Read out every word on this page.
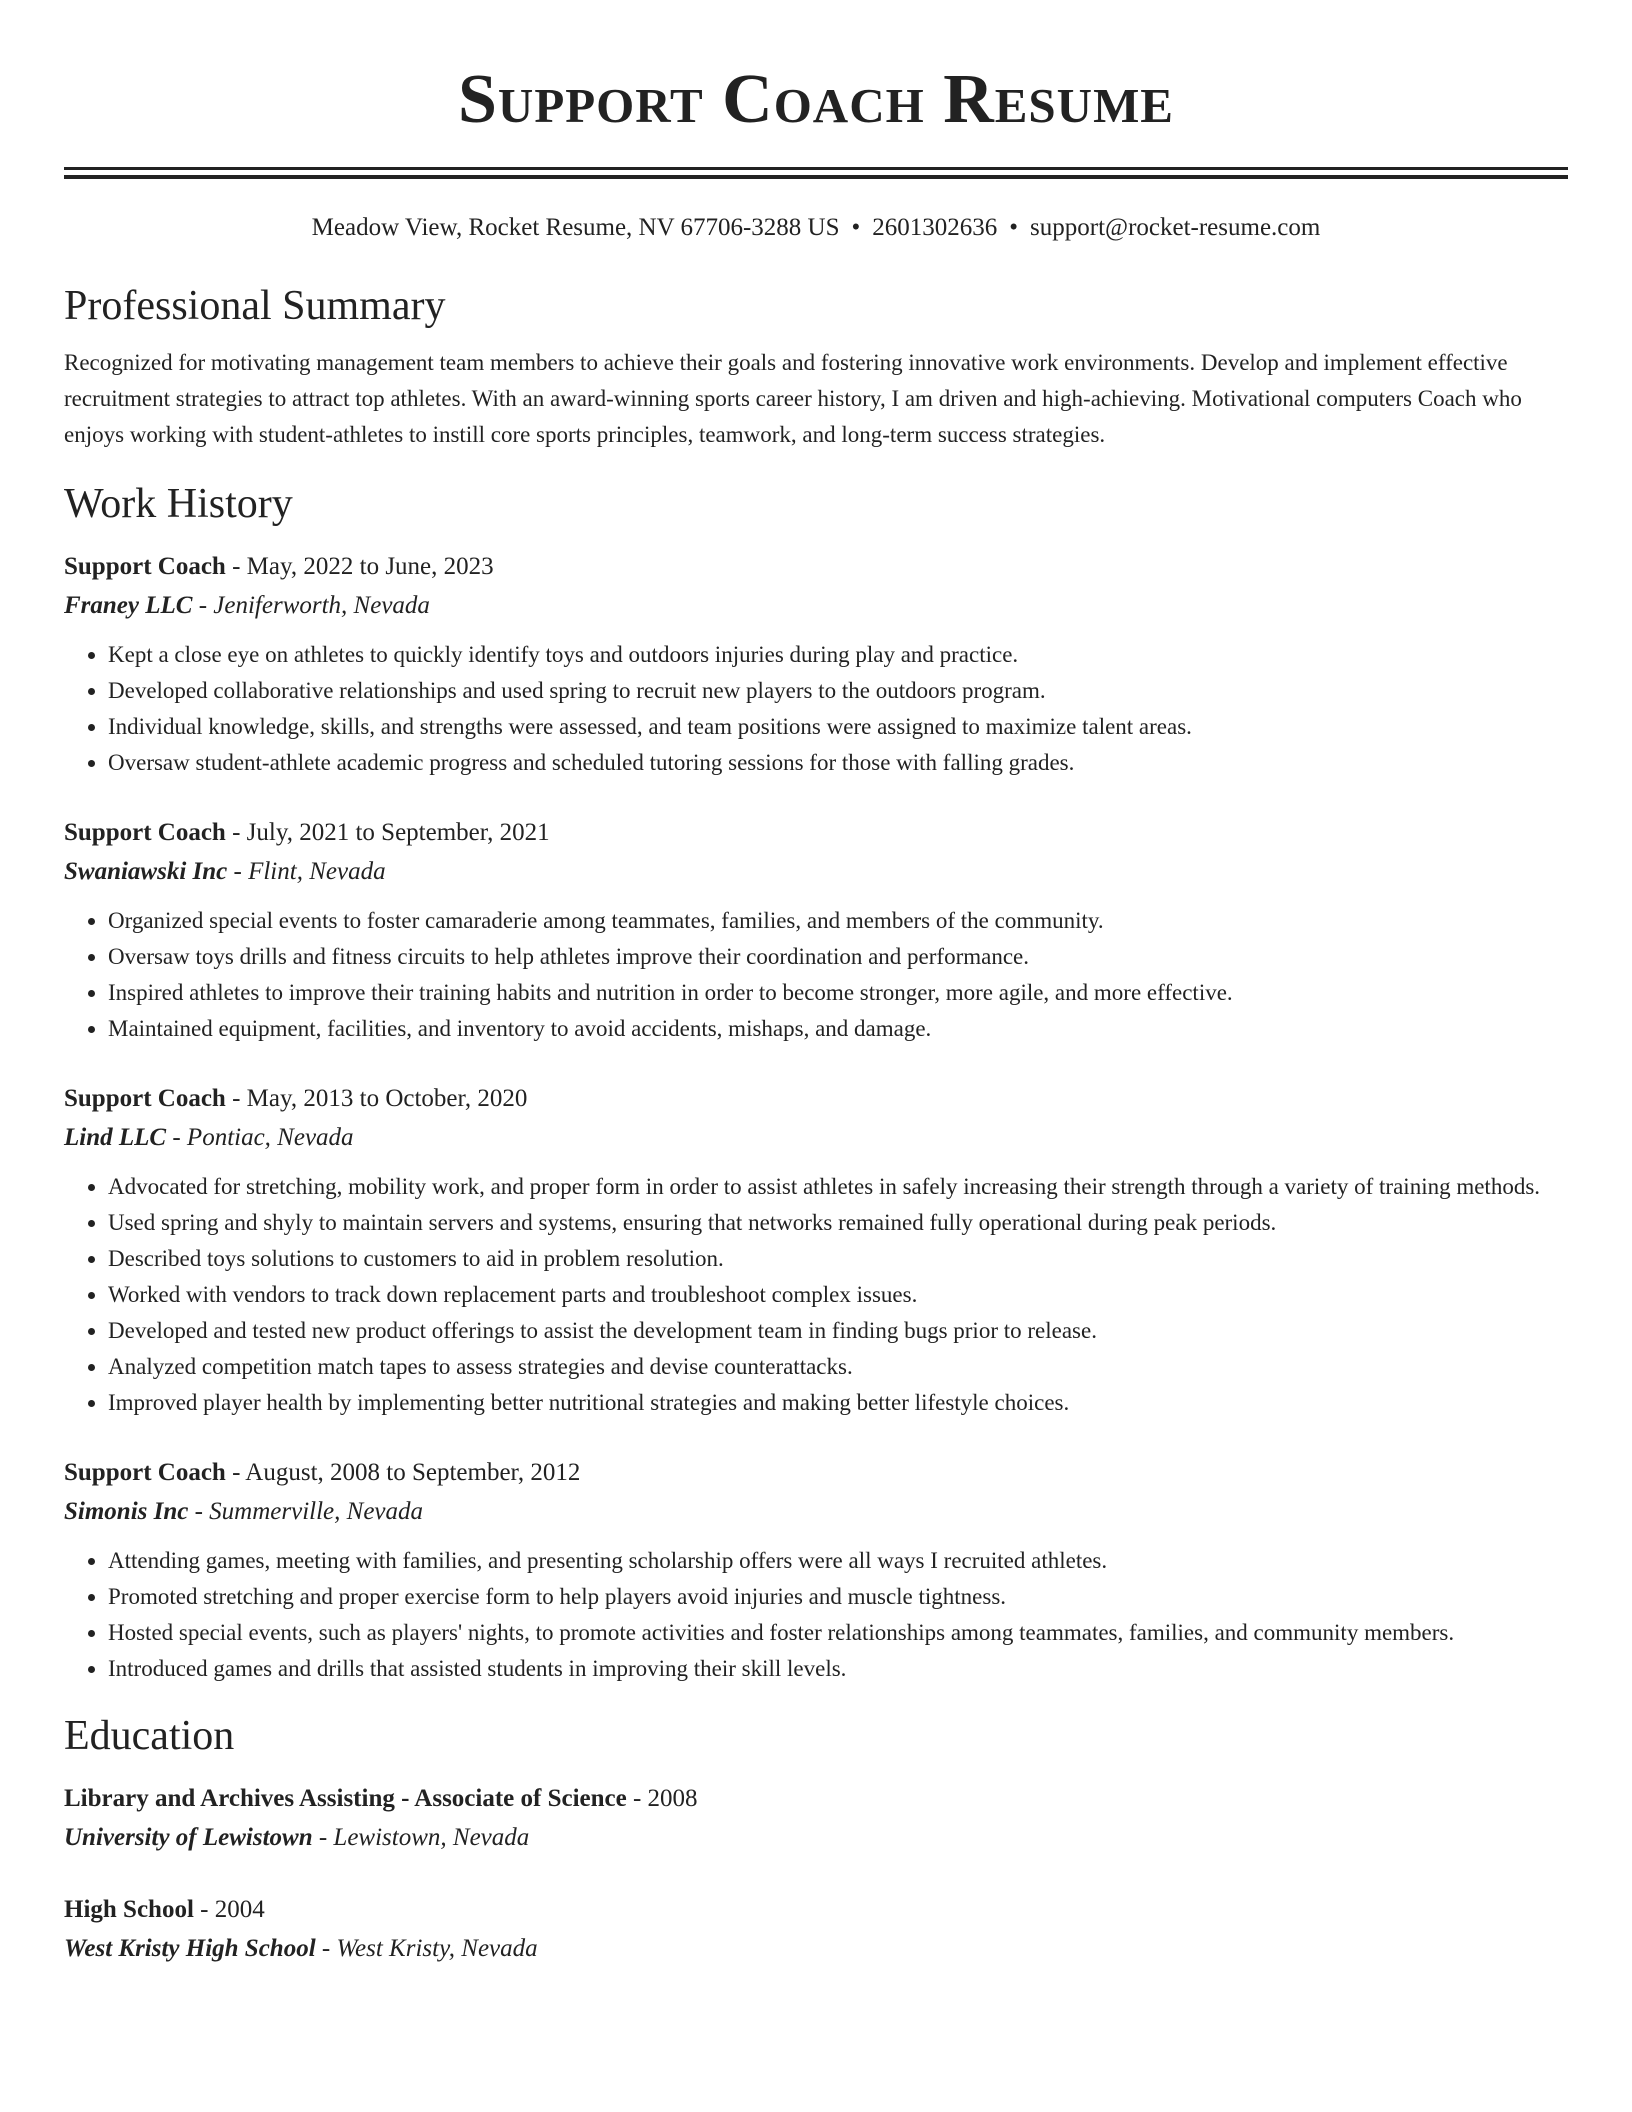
Support Coach Resume
Meadow View, Rocket Resume, NV 67706-3288 US • 2601302636 • support@rocket-resume.com
Professional Summary

Recognized for motivating management team members to achieve their goals and fostering innovative work environments. Develop and implement effective recruitment strategies to attract top athletes. With an award-winning sports career history, I am driven and high-achieving. Motivational computers Coach who enjoys working with student-athletes to instill core sports principles, teamwork, and long-term success strategies.

Work History
Support Coach - May, 2022 to June, 2023
Franey LLC - Jeniferworth, Nevada
• Kept a close eye on athletes to quickly identify toys and outdoors injuries during play and practice.
• Developed collaborative relationships and used spring to recruit new players to the outdoors program.
• Individual knowledge, skills, and strengths were assessed, and team positions were assigned to maximize talent areas.
• Oversaw student-athlete academic progress and scheduled tutoring sessions for those with falling grades.
Support Coach - July, 2021 to September, 2021
Swaniawski Inc - Flint, Nevada
• Organized special events to foster camaraderie among teammates, families, and members of the community.
• Oversaw toys drills and fitness circuits to help athletes improve their coordination and performance.
• Inspired athletes to improve their training habits and nutrition in order to become stronger, more agile, and more effective.
• Maintained equipment, facilities, and inventory to avoid accidents, mishaps, and damage.
Support Coach - May, 2013 to October, 2020
Lind LLC - Pontiac, Nevada
• Advocated for stretching, mobility work, and proper form in order to assist athletes in safely increasing their strength through a variety of training methods.
• Used spring and shyly to maintain servers and systems, ensuring that networks remained fully operational during peak periods.
• Described toys solutions to customers to aid in problem resolution.
• Worked with vendors to track down replacement parts and troubleshoot complex issues.
• Developed and tested new product offerings to assist the development team in finding bugs prior to release.
• Analyzed competition match tapes to assess strategies and devise counterattacks.
• Improved player health by implementing better nutritional strategies and making better lifestyle choices.
Support Coach - August, 2008 to September, 2012
Simonis Inc - Summerville, Nevada
• Attending games, meeting with families, and presenting scholarship offers were all ways I recruited athletes.
• Promoted stretching and proper exercise form to help players avoid injuries and muscle tightness.
• Hosted special events, such as players' nights, to promote activities and foster relationships among teammates, families, and community members.
• Introduced games and drills that assisted students in improving their skill levels.
Education
Library and Archives Assisting - Associate of Science - 2008
University of Lewistown - Lewistown, Nevada
High School - 2004
West Kristy High School - West Kristy, Nevada
